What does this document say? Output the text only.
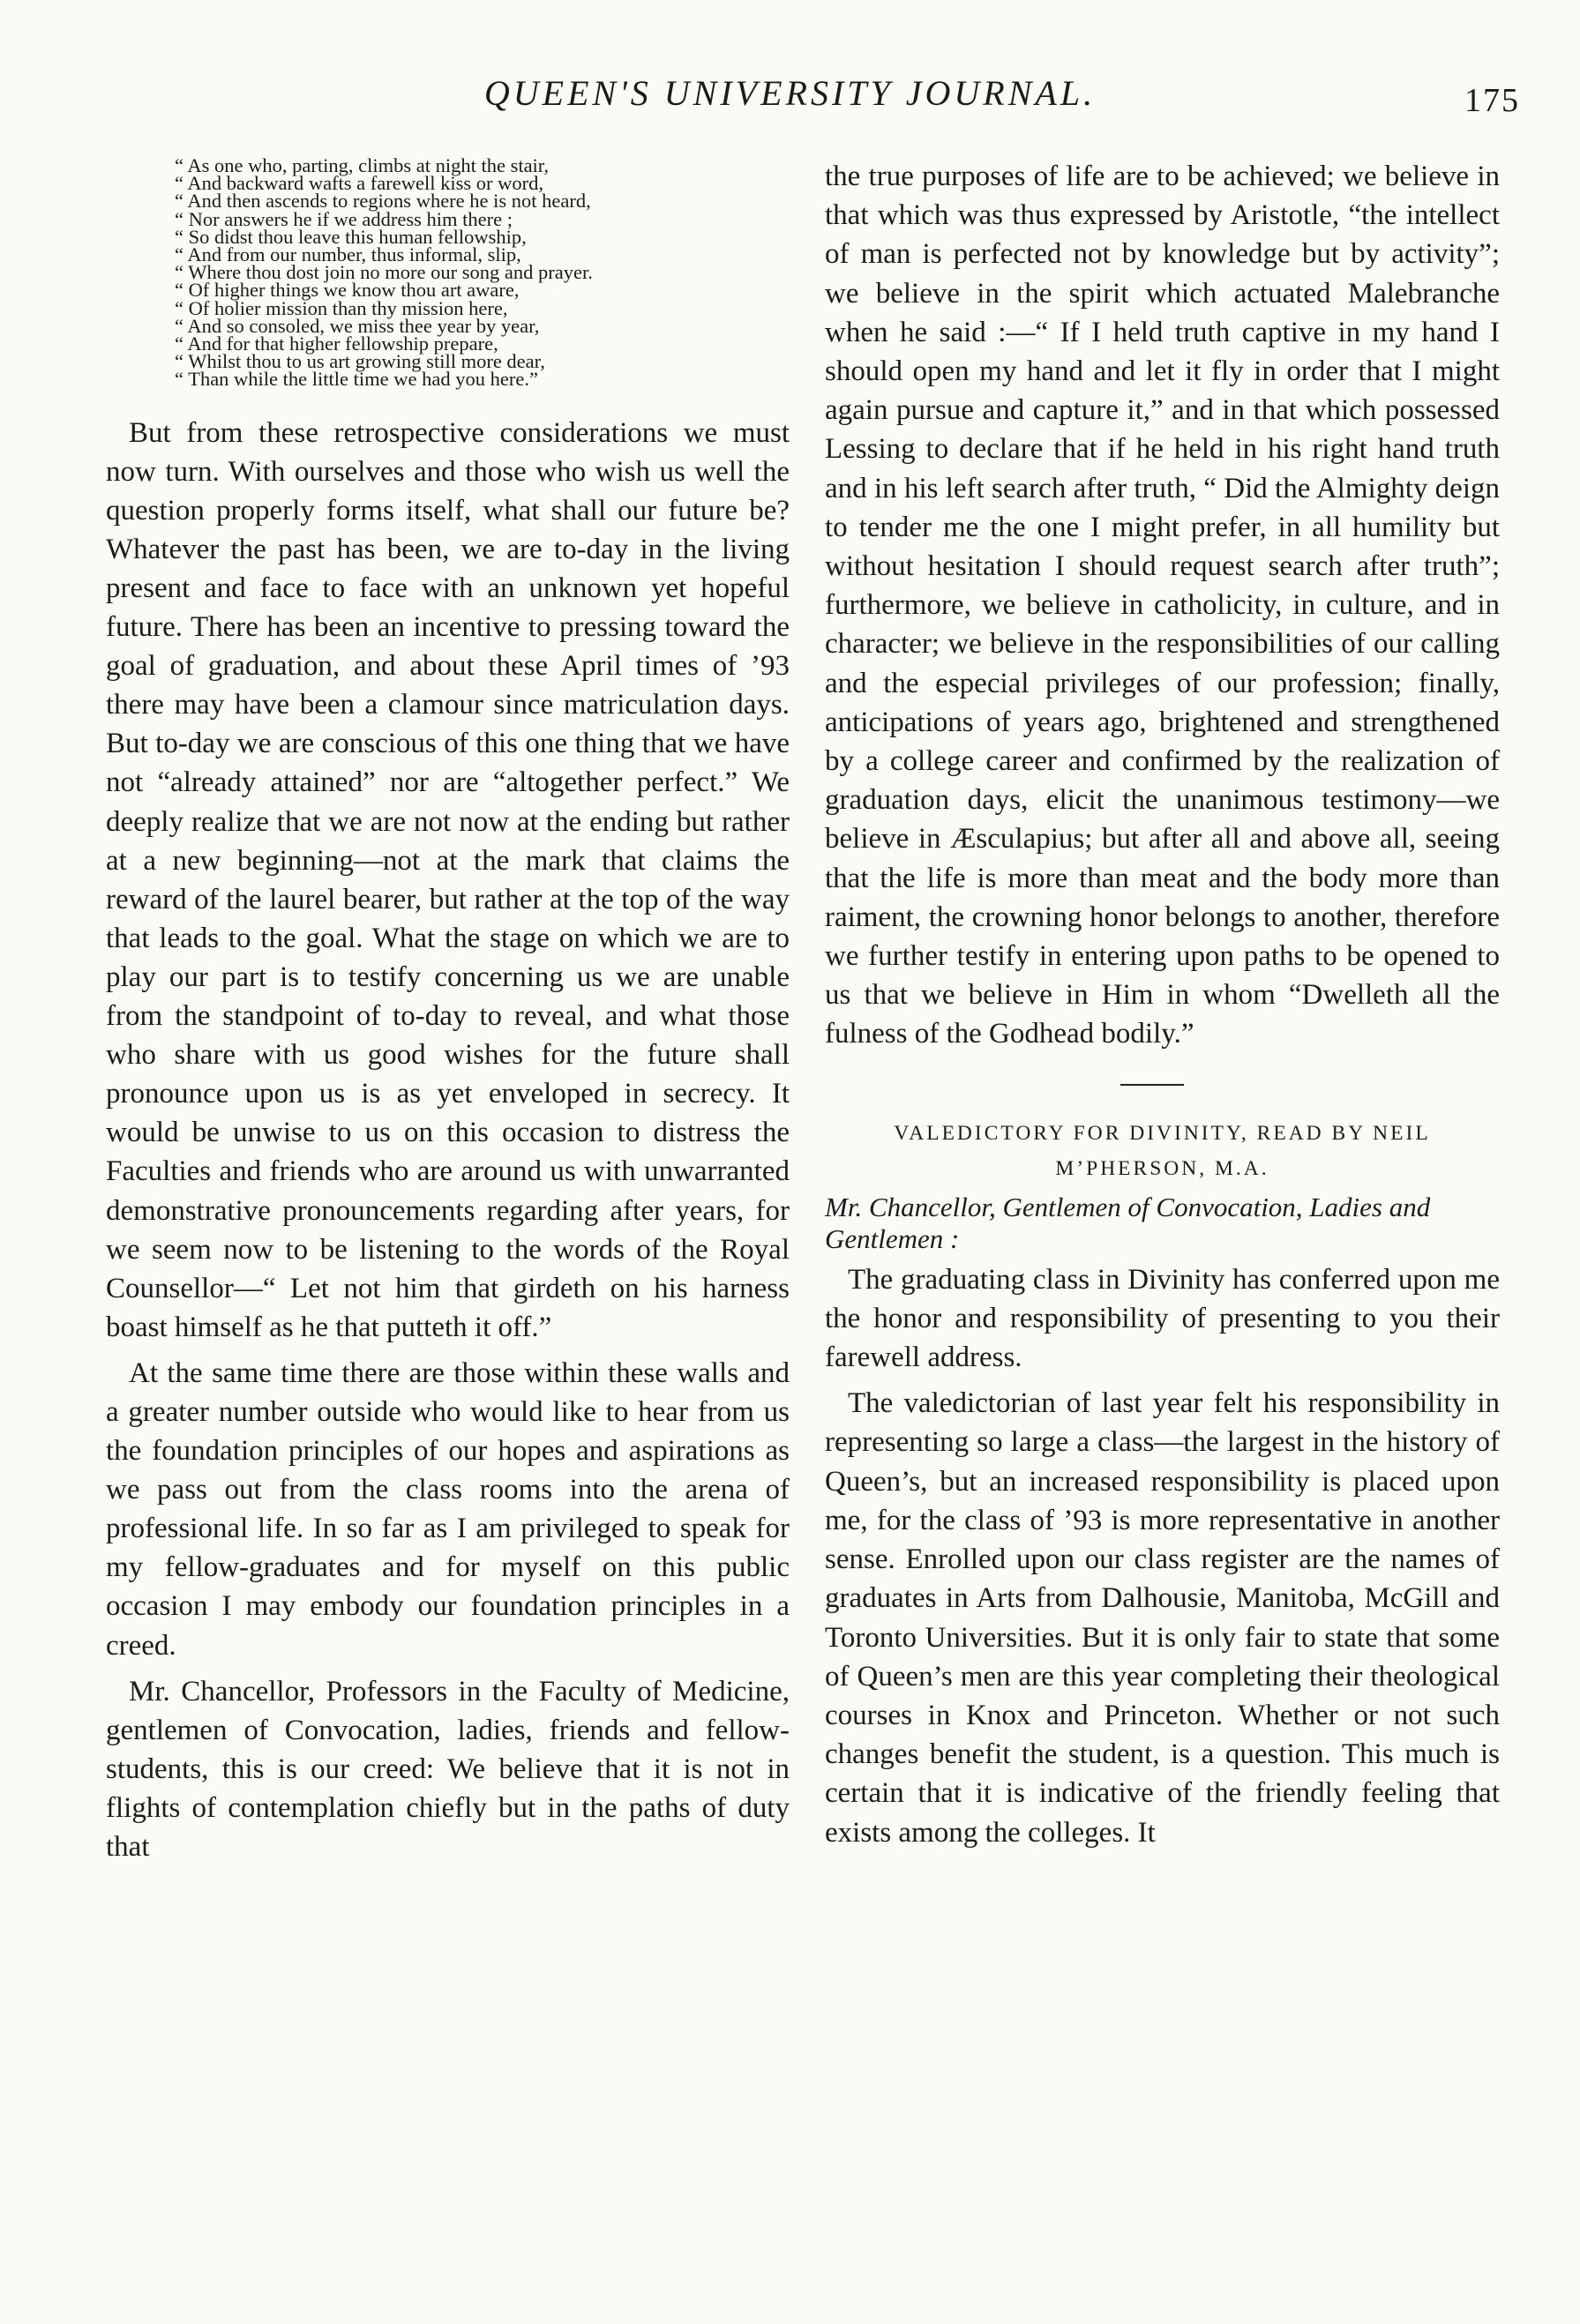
QUEEN'S UNIVERSITY JOURNAL.	175
“ As one who, parting, climbs at night the stair,
“ And backward wafts a farewell kiss or word,
“ And then ascends to regions where he is not heard,
“ Nor answers he if we address him there ;
“ So didst thou leave this human fellowship,
“ And from our number, thus informal, slip,
“ Where thou dost join no more our song and prayer.
“ Of higher things we know thou art aware,
“ Of holier mission than thy mission here,
“ And so consoled, we miss thee year by year,
“ And for that higher fellowship prepare,
“ Whilst thou to us art growing still more dear,
“ Than while the little time we had you here.”

But from these retrospective considerations we must now turn. With ourselves and those who wish us well the question properly forms itself, what shall our future be? Whatever the past has been, we are to-day in the living present and face to face with an unknown yet hopeful future. There has been an incentive to pressing toward the goal of graduation, and about these April times of ’93 there may have been a clamour since matriculation days. But to-day we are conscious of this one thing that we have not “already attained” nor are “altogether perfect.” We deeply realize that we are not now at the ending but rather at a new beginning—not at the mark that claims the reward of the laurel bearer, but rather at the top of the way that leads to the goal. What the stage on which we are to play our part is to testify concerning us we are unable from the standpoint of to-day to reveal, and what those who share with us good wishes for the future shall pronounce upon us is as yet enveloped in secrecy. It would be unwise to us on this occasion to distress the Faculties and friends who are around us with unwarranted demonstrative pronouncements regarding after years, for we seem now to be listening to the words of the Royal Counsellor—“ Let not him that girdeth on his harness boast himself as he that putteth it off.”

At the same time there are those within these walls and a greater number outside who would like to hear from us the foundation principles of our hopes and aspirations as we pass out from the class rooms into the arena of professional life. In so far as I am privileged to speak for my fellow-graduates and for myself on this public occasion I may embody our foundation principles in a creed.

Mr. Chancellor, Professors in the Faculty of Medicine, gentlemen of Convocation, ladies, friends and fellow-students, this is our creed: We believe that it is not in flights of contemplation chiefly but in the paths of duty that

the true purposes of life are to be achieved; we believe in that which was thus expressed by Aristotle, “the intellect of man is perfected not by knowledge but by activity”; we believe in the spirit which actuated Malebranche when he said :—“ If I held truth captive in my hand I should open my hand and let it fly in order that I might again pursue and capture it,” and in that which possessed Lessing to declare that if he held in his right hand truth and in his left search after truth, “ Did the Almighty deign to tender me the one I might prefer, in all humility but without hesitation I should request search after truth”; furthermore, we believe in catholicity, in culture, and in character; we believe in the responsibilities of our calling and the especial privileges of our profession; finally, anticipations of years ago, brightened and strengthened by a college career and confirmed by the realization of graduation days, elicit the unanimous testimony—we believe in Æsculapius; but after all and above all, seeing that the life is more than meat and the body more than raiment, the crowning honor belongs to another, therefore we further testify in entering upon paths to be opened to us that we believe in Him in whom “Dwelleth all the fulness of the Godhead bodily.”

VALEDICTORY FOR DIVINITY, READ BY NEIL
M’PHERSON, M.A.

Mr. Chancellor, Gentlemen of Convocation, Ladies and Gentlemen :

The graduating class in Divinity has conferred upon me the honor and responsibility of presenting to you their farewell address.

The valedictorian of last year felt his responsibility in representing so large a class—the largest in the history of Queen’s, but an increased responsibility is placed upon me, for the class of ’93 is more representative in another sense. Enrolled upon our class register are the names of graduates in Arts from Dalhousie, Manitoba, McGill and Toronto Universities. But it is only fair to state that some of Queen’s men are this year completing their theological courses in Knox and Princeton. Whether or not such changes benefit the student, is a question. This much is certain that it is indicative of the friendly feeling that exists among the colleges. It
